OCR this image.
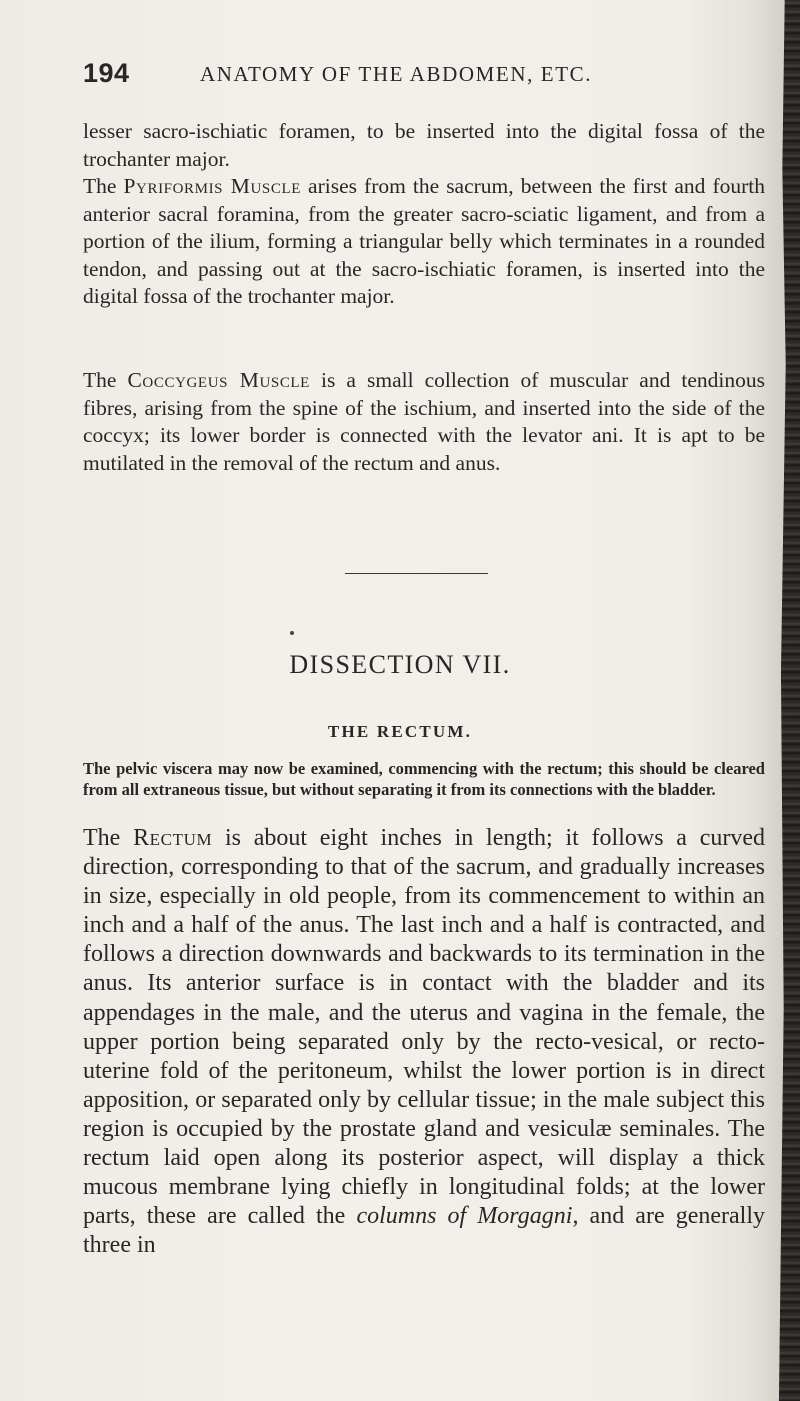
194	ANATOMY OF THE ABDOMEN, ETC.

lesser sacro-ischiatic foramen, to be inserted into the digital fossa of the trochanter major.

The Pyriformis Muscle arises from the sacrum, between the first and fourth anterior sacral foramina, from the greater sacro-sciatic ligament, and from a portion of the ilium, forming a triangular belly which terminates in a rounded tendon, and passing out at the sacro-ischiatic foramen, is inserted into the digital fossa of the trochanter major.

The Coccygeus Muscle is a small collection of muscular and tendinous fibres, arising from the spine of the ischium, and inserted into the side of the coccyx; its lower border is connected with the levator ani. It is apt to be mutilated in the removal of the rectum and anus.

DISSECTION VII.
THE RECTUM.

The pelvic viscera may now be examined, commencing with the rectum; this should be cleared from all extraneous tissue, but without separating it from its connections with the bladder.

The Rectum is about eight inches in length; it follows a curved direction, corresponding to that of the sacrum, and gradually increases in size, especially in old people, from its commencement to within an inch and a half of the anus. The last inch and a half is contracted, and follows a direction downwards and backwards to its termination in the anus. Its anterior surface is in contact with the bladder and its appendages in the male, and the uterus and vagina in the female, the upper portion being separated only by the recto-vesical, or recto-uterine fold of the peritoneum, whilst the lower portion is in direct apposition, or separated only by cellular tissue; in the male subject this region is occupied by the prostate gland and vesiculæ seminales. The rectum laid open along its posterior aspect, will display a thick mucous membrane lying chiefly in longitudinal folds; at the lower parts, these are called the columns of Morgagni, and are generally three in
